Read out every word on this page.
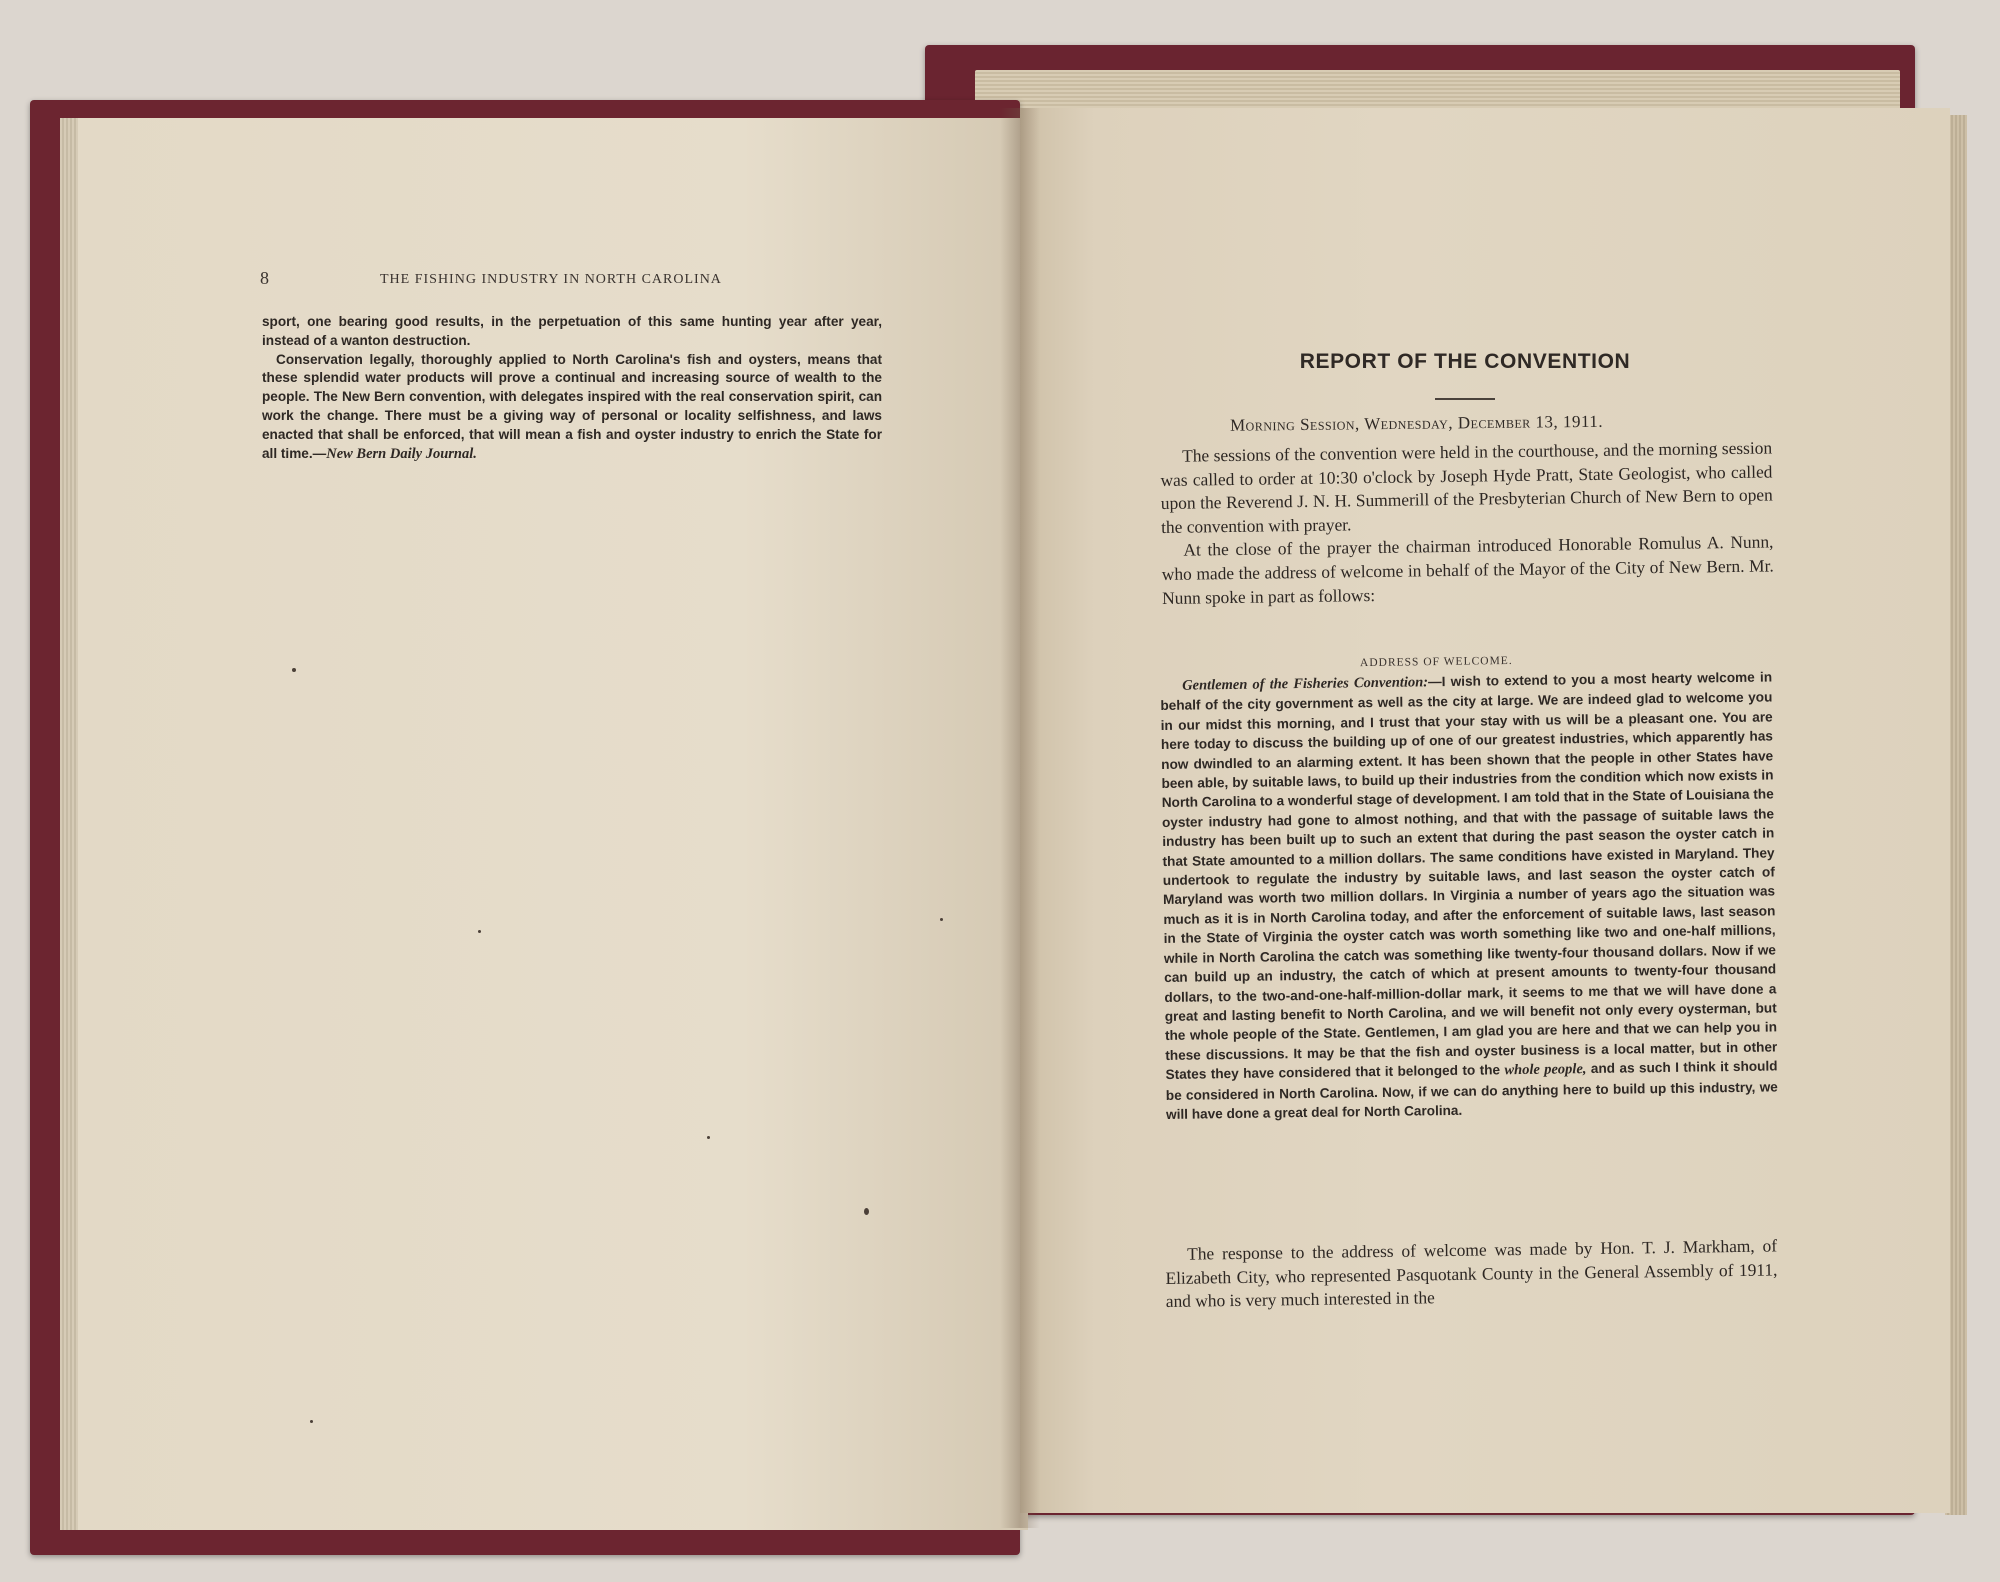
8	THE FISHING INDUSTRY IN NORTH CAROLINA

sport, one bearing good results, in the perpetuation of this same hunting year after year, instead of a wanton destruction.

Conservation legally, thoroughly applied to North Carolina's fish and oysters, means that these splendid water products will prove a continual and increasing source of wealth to the people. The New Bern convention, with delegates inspired with the real conservation spirit, can work the change. There must be a giving way of personal or locality selfishness, and laws enacted that shall be enforced, that will mean a fish and oyster industry to enrich the State for all time.—New Bern Daily Journal.

REPORT OF THE CONVENTION
Morning Session, Wednesday, December 13, 1911.

The sessions of the convention were held in the courthouse, and the morning session was called to order at 10:30 o'clock by Joseph Hyde Pratt, State Geologist, who called upon the Reverend J. N. H. Summerill of the Presbyterian Church of New Bern to open the convention with prayer.

At the close of the prayer the chairman introduced Honorable Romulus A. Nunn, who made the address of welcome in behalf of the Mayor of the City of New Bern. Mr. Nunn spoke in part as follows:

ADDRESS OF WELCOME.

Gentlemen of the Fisheries Convention:—I wish to extend to you a most hearty welcome in behalf of the city government as well as the city at large. We are indeed glad to welcome you in our midst this morning, and I trust that your stay with us will be a pleasant one. You are here today to discuss the building up of one of our greatest industries, which apparently has now dwindled to an alarming extent. It has been shown that the people in other States have been able, by suitable laws, to build up their industries from the condition which now exists in North Carolina to a wonderful stage of development. I am told that in the State of Louisiana the oyster industry had gone to almost nothing, and that with the passage of suitable laws the industry has been built up to such an extent that during the past season the oyster catch in that State amounted to a million dollars. The same conditions have existed in Maryland. They undertook to regulate the industry by suitable laws, and last season the oyster catch of Maryland was worth two million dollars. In Virginia a number of years ago the situation was much as it is in North Carolina today, and after the enforcement of suitable laws, last season in the State of Virginia the oyster catch was worth something like two and one-half millions, while in North Carolina the catch was something like twenty-four thousand dollars. Now if we can build up an industry, the catch of which at present amounts to twenty-four thousand dollars, to the two-and-one-half-million-dollar mark, it seems to me that we will have done a great and lasting benefit to North Carolina, and we will benefit not only every oysterman, but the whole people of the State. Gentlemen, I am glad you are here and that we can help you in these discussions. It may be that the fish and oyster business is a local matter, but in other States they have considered that it belonged to the whole people, and as such I think it should be considered in North Carolina. Now, if we can do anything here to build up this industry, we will have done a great deal for North Carolina.

The response to the address of welcome was made by Hon. T. J. Markham, of Elizabeth City, who represented Pasquotank County in the General Assembly of 1911, and who is very much interested in the
